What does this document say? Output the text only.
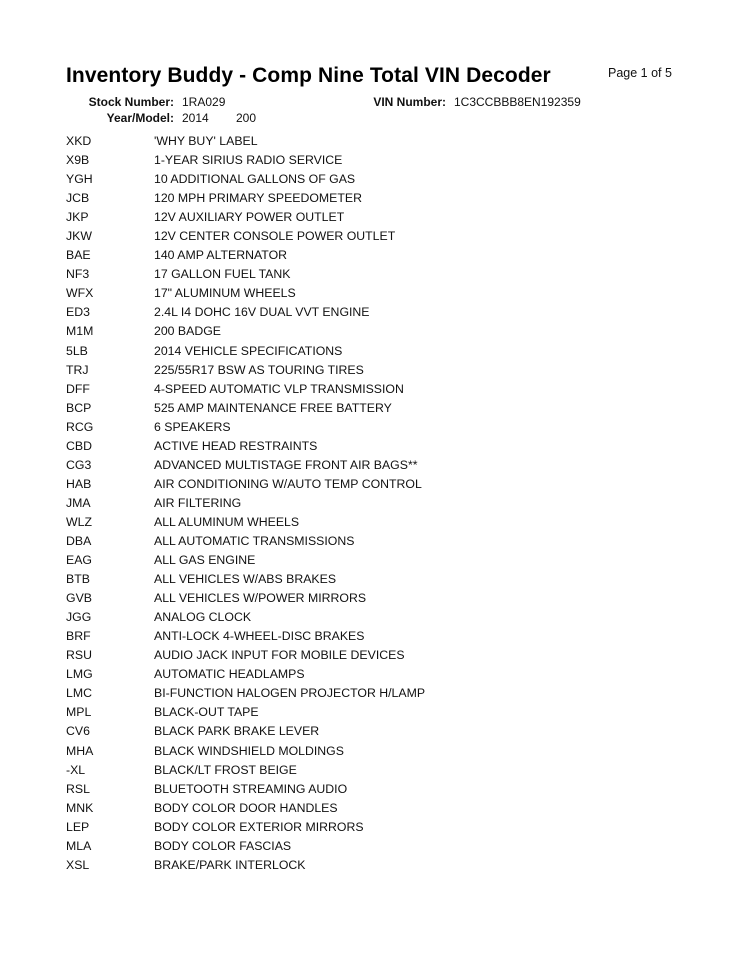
Inventory Buddy - Comp Nine Total VIN Decoder	Page 1 of 5
Stock Number: 1RA029	VIN Number: 1C3CCBBB8EN192359
Year/Model: 2014 200
XKD	'WHY BUY' LABEL
X9B	1-YEAR SIRIUS RADIO SERVICE
YGH	10 ADDITIONAL GALLONS OF GAS
JCB	120 MPH PRIMARY SPEEDOMETER
JKP	12V AUXILIARY POWER OUTLET
JKW	12V CENTER CONSOLE POWER OUTLET
BAE	140 AMP ALTERNATOR
NF3	17 GALLON FUEL TANK
WFX	17" ALUMINUM WHEELS
ED3	2.4L I4 DOHC 16V DUAL VVT ENGINE
M1M	200 BADGE
5LB	2014 VEHICLE SPECIFICATIONS
TRJ	225/55R17 BSW AS TOURING TIRES
DFF	4-SPEED AUTOMATIC VLP TRANSMISSION
BCP	525 AMP MAINTENANCE FREE BATTERY
RCG	6 SPEAKERS
CBD	ACTIVE HEAD RESTRAINTS
CG3	ADVANCED MULTISTAGE FRONT AIR BAGS**
HAB	AIR CONDITIONING W/AUTO TEMP CONTROL
JMA	AIR FILTERING
WLZ	ALL ALUMINUM WHEELS
DBA	ALL AUTOMATIC TRANSMISSIONS
EAG	ALL GAS ENGINE
BTB	ALL VEHICLES W/ABS BRAKES
GVB	ALL VEHICLES W/POWER MIRRORS
JGG	ANALOG CLOCK
BRF	ANTI-LOCK 4-WHEEL-DISC BRAKES
RSU	AUDIO JACK INPUT FOR MOBILE DEVICES
LMG	AUTOMATIC HEADLAMPS
LMC	BI-FUNCTION HALOGEN PROJECTOR H/LAMP
MPL	BLACK-OUT TAPE
CV6	BLACK PARK BRAKE LEVER
MHA	BLACK WINDSHIELD MOLDINGS
-XL	BLACK/LT FROST BEIGE
RSL	BLUETOOTH STREAMING AUDIO
MNK	BODY COLOR DOOR HANDLES
LEP	BODY COLOR EXTERIOR MIRRORS
MLA	BODY COLOR FASCIAS
XSL	BRAKE/PARK INTERLOCK
